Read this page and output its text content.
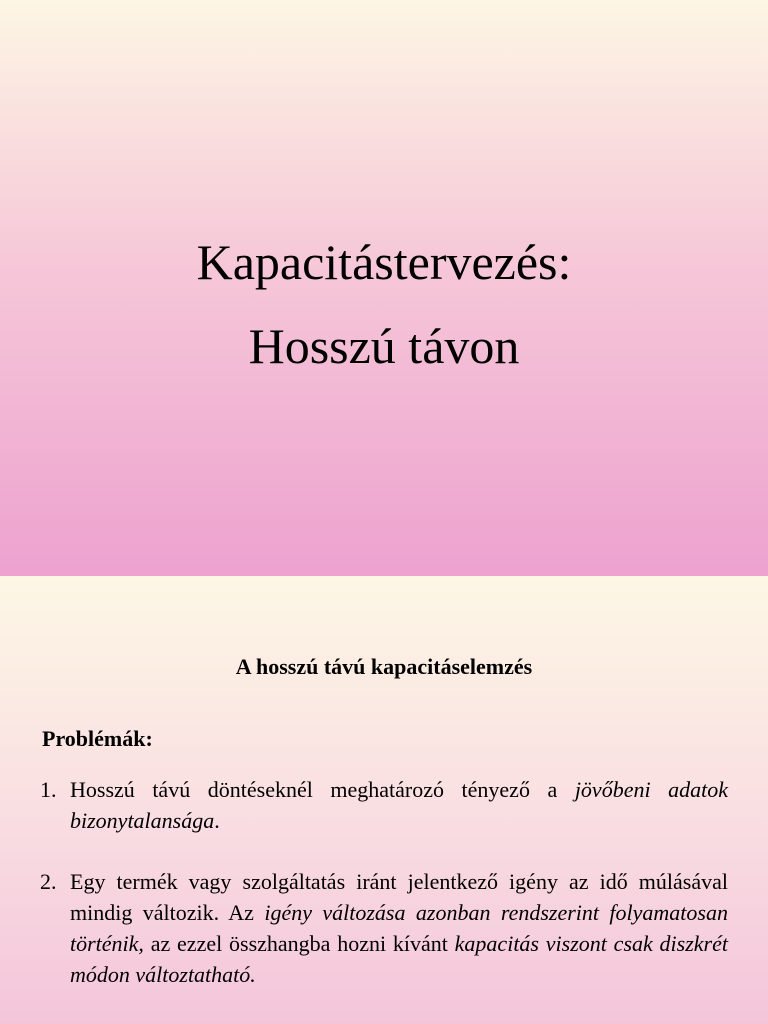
Kapacitástervezés:
Hosszú távon
A hosszú távú kapacitáselemzés
Problémák:
1. Hosszú távú döntéseknél meghatározó tényező a jövőbeni adatok bizonytalansága.
2. Egy termék vagy szolgáltatás iránt jelentkező igény az idő múlásával mindig változik. Az igény változása azonban rendszerint folyamatosan történik, az ezzel összhangba hozni kívánt kapacitás viszont csak diszkrét módon változtatható.
